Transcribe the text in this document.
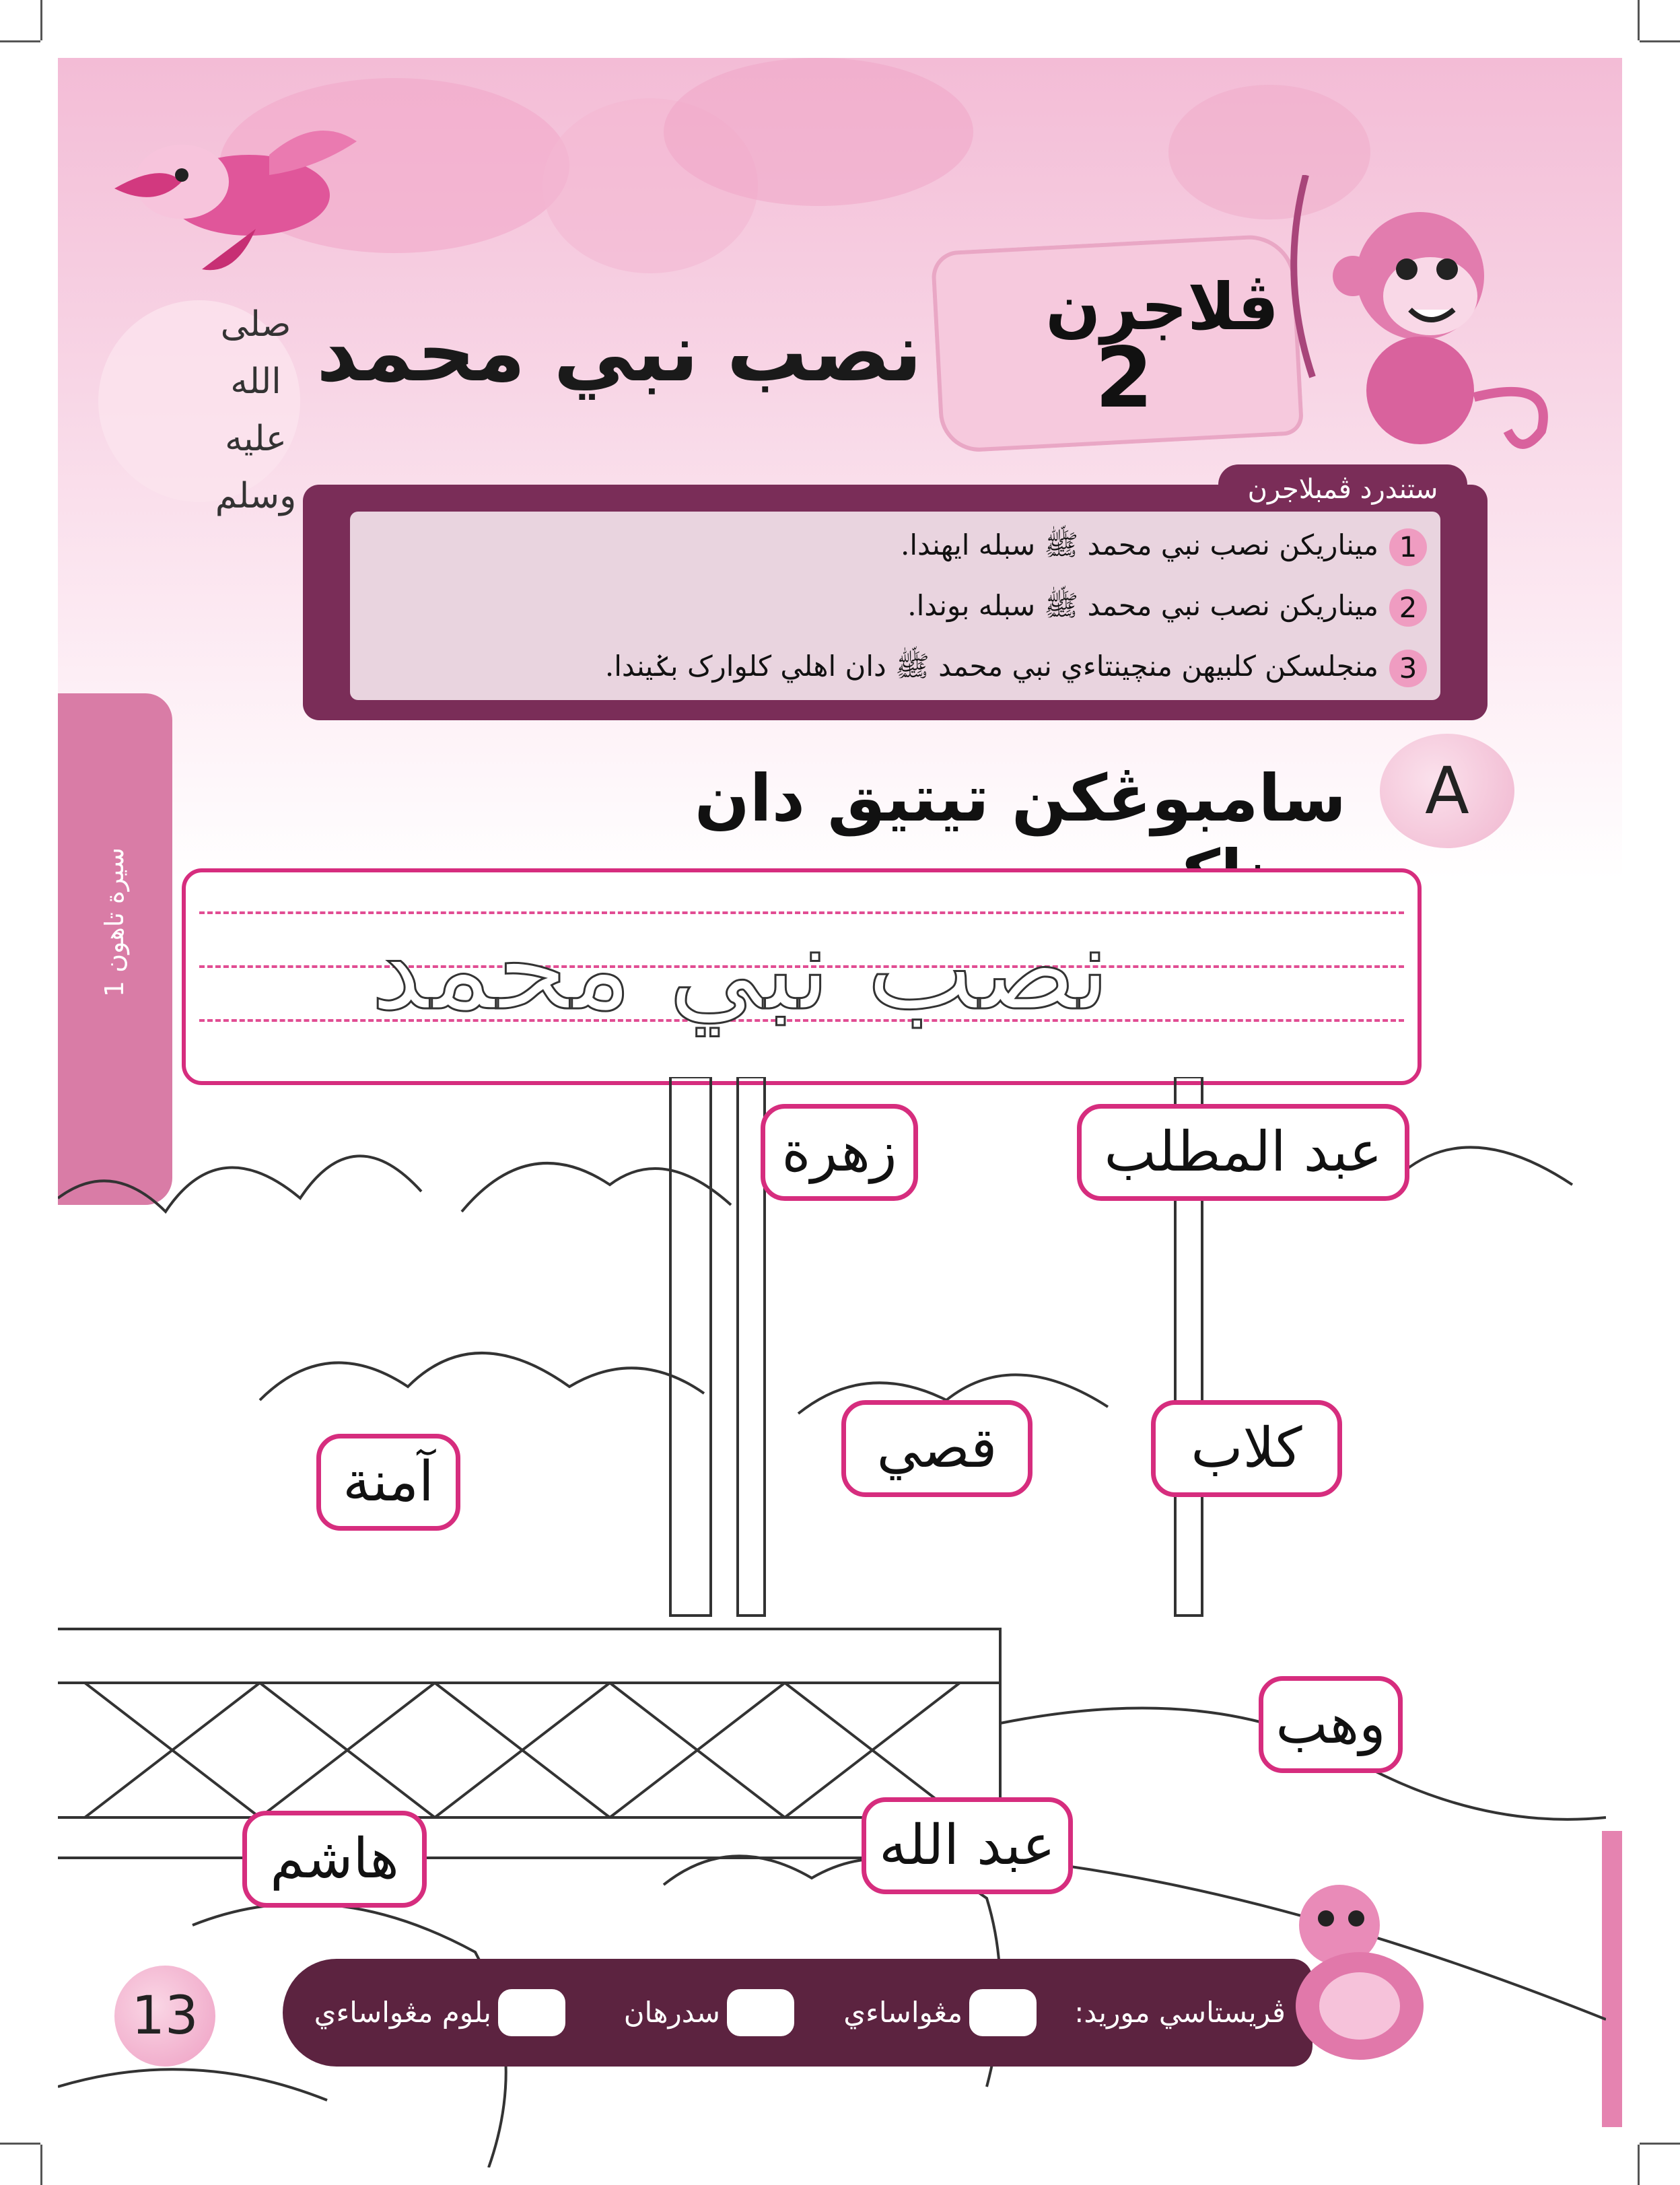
ڤلاجرن
2
صلى الله عليه وسلم
نصب نبي محمد
ستندرد ڤمبلاجرن
1ميناريکن نصب نبي محمد ﷺ سبله ايهندا.
2ميناريکن نصب نبي محمد ﷺ سبله بوندا.
3منجلسکن کلبيهن منچينتاءي نبي محمد ﷺ دان اهلي کلوارک بݢيندا.
سيرة تاهون 1
A
سامبوڠکن تيتيق دان
نصب نبي محمد
عبد المطلب
زهرة
كلاب
قصي
آمنة
وهب
عبد الله
هاشم
ڤريستاسي موريد:
مڠواساءي
سدرهان
بلوم مڠواساءي
13
